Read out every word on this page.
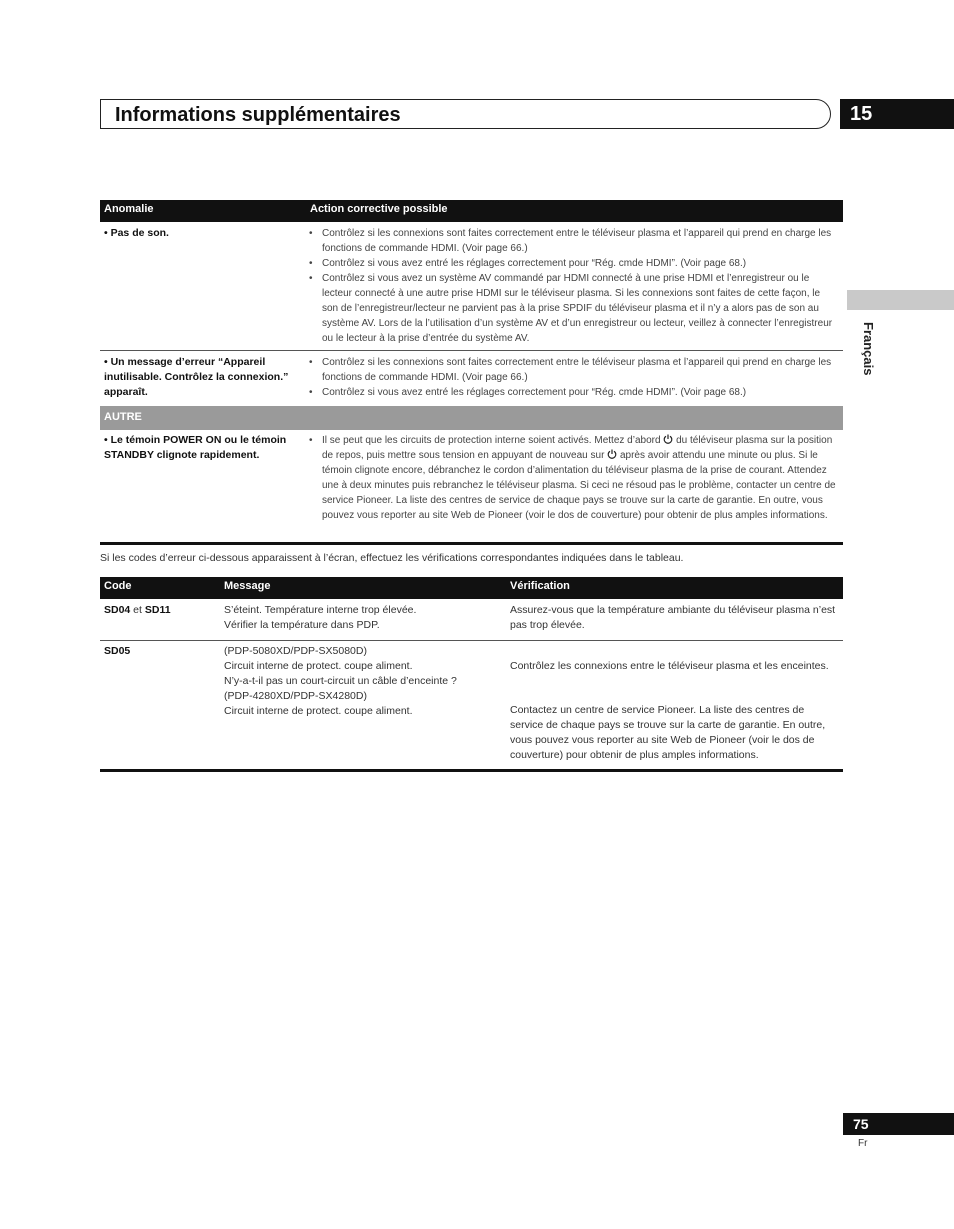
Informations supplémentaires	15
Français
Anomalie	Action corrective possible
• Pas de son.
•	Contrôlez si les connexions sont faites correctement entre le téléviseur plasma et l’appareil qui prend en charge les fonctions de commande HDMI. (Voir page 66.)
• Contrôlez si vous avez entré les réglages correctement pour “Rég. cmde HDMI”. (Voir page 68.)
• Contrôlez si vous avez un système AV commandé par HDMI connecté à une prise HDMI et l’enregistreur ou le lecteur connecté à une autre prise HDMI sur le téléviseur plasma. Si les connexions sont faites de cette façon, le son de l’enregistreur/lecteur ne parvient pas à la prise SPDIF du téléviseur plasma et il n’y a alors pas de son au système AV. Lors de la l’utilisation d’un système AV et d’un enregistreur ou lecteur, veillez à connecter l’enregistreur ou le lecteur à la prise d’entrée du système AV.
• Un message d’erreur “Appareil inutilisable. Contrôlez la connexion.” apparaît.
• Contrôlez si les connexions sont faites correctement entre le téléviseur plasma et l’appareil qui prend en charge les fonctions de commande HDMI. (Voir page 66.)
• Contrôlez si vous avez entré les réglages correctement pour “Rég. cmde HDMI”. (Voir page 68.)
AUTRE
• Le témoin POWER ON ou le témoin STANDBY clignote rapidement.
• Il se peut que les circuits de protection interne soient activés. Mettez d’abord  du téléviseur plasma sur la position de repos, puis mettre sous tension en appuyant de nouveau sur  après avoir attendu une minute ou plus. Si le témoin clignote encore, débranchez le cordon d’alimentation du téléviseur plasma de la prise de courant. Attendez une à deux minutes puis rebranchez le téléviseur plasma. Si ceci ne résoud pas le problème, contacter un centre de service Pioneer. La liste des centres de service de chaque pays se trouve sur la carte de garantie. En outre, vous pouvez vous reporter au site Web de Pioneer (voir le dos de couverture) pour obtenir de plus amples informations.
Si les codes d’erreur ci-dessous apparaissent à l’écran, effectuez les vérifications correspondantes indiquées dans le tableau.
Code	Message	Vérification
SD04 et SD11	S’éteint. Température interne trop élevée.
Vérifier la température dans PDP.
Assurez-vous que la température ambiante du téléviseur plasma n’est pas trop élevée.
SD05	(PDP-5080XD/PDP-SX5080D)
Circuit interne de protect. coupe aliment.
N’y-a-t-il pas un court-circuit un câble d’enceinte ?
(PDP-4280XD/PDP-SX4280D)
Circuit interne de protect. coupe aliment.
Contrôlez les connexions entre le téléviseur plasma et les enceintes.
Contactez un centre de service Pioneer. La liste des centres de service de chaque pays se trouve sur la carte de garantie. En outre, vous pouvez vous reporter au site Web de Pioneer (voir le dos de couverture) pour obtenir de plus amples informations.
75
Fr
